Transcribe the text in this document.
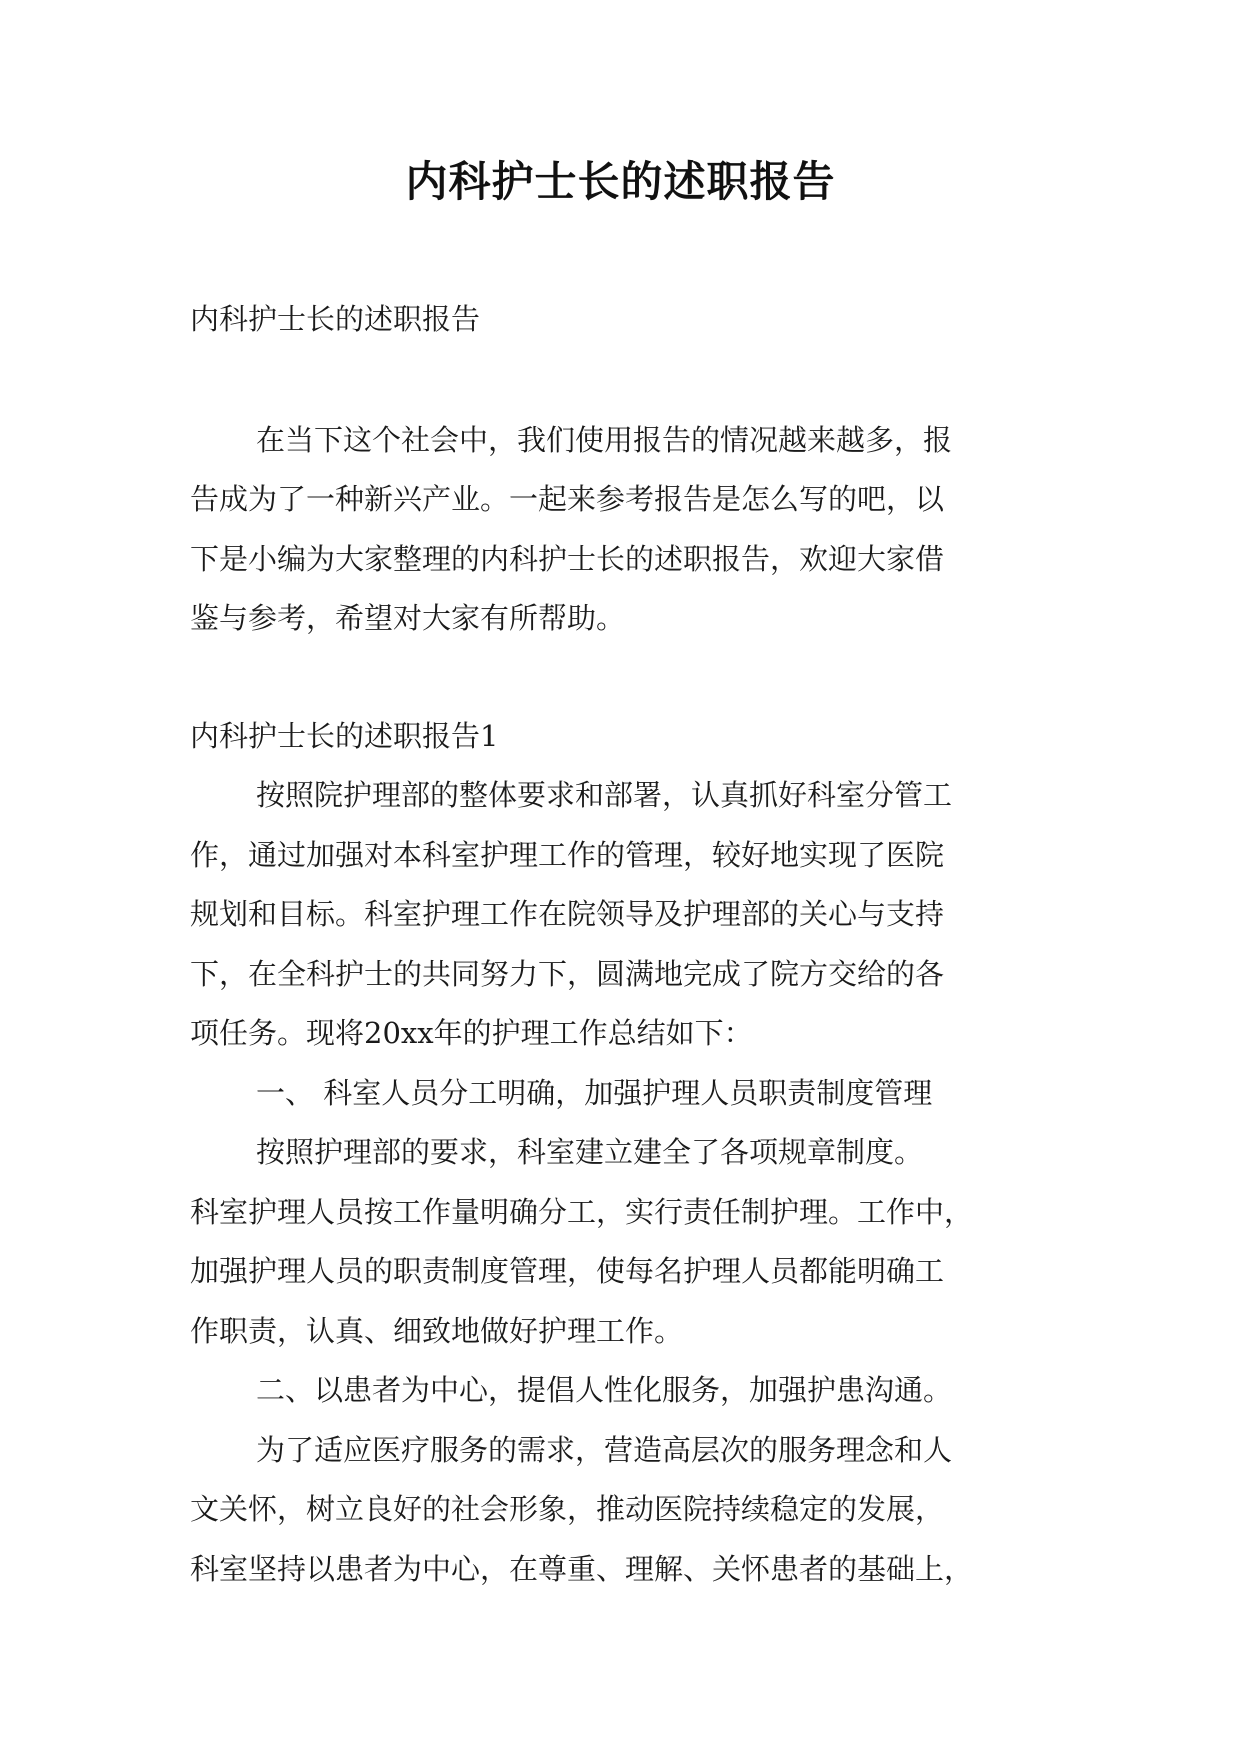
内科护士长的述职报告

内科护士长的述职报告

在当下这个社会中，我们使用报告的情况越来越多，报

告成为了一种新兴产业。一起来参考报告是怎么写的吧，以

下是小编为大家整理的内科护士长的述职报告，欢迎大家借

鉴与参考，希望对大家有所帮助。

内科护士长的述职报告1

按照院护理部的整体要求和部署，认真抓好科室分管工

作，通过加强对本科室护理工作的管理，较好地实现了医院

规划和目标。科室护理工作在院领导及护理部的关心与支持

下，在全科护士的共同努力下，圆满地完成了院方交给的各

项任务。现将20xx年的护理工作总结如下：

一、 科室人员分工明确，加强护理人员职责制度管理

按照护理部的要求，科室建立建全了各项规章制度。

科室护理人员按工作量明确分工，实行责任制护理。工作中，

加强护理人员的职责制度管理，使每名护理人员都能明确工

作职责，认真、细致地做好护理工作。

二、以患者为中心，提倡人性化服务，加强护患沟通。

为了适应医疗服务的需求，营造高层次的服务理念和人

文关怀，树立良好的社会形象，推动医院持续稳定的发展，

科室坚持以患者为中心，在尊重、理解、关怀患者的基础上，
